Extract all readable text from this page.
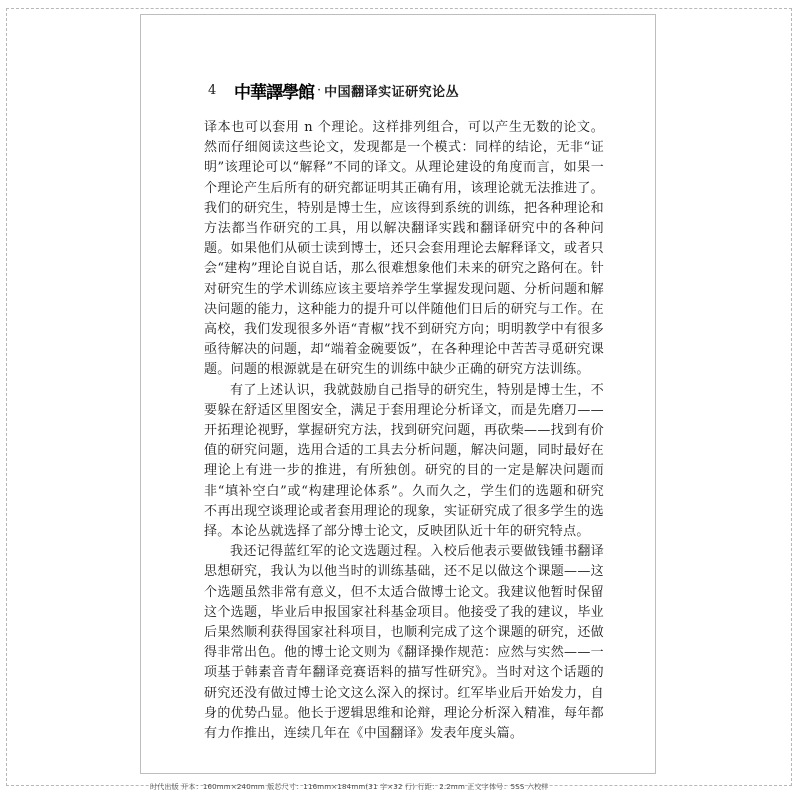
4	中華譯學館 · 中国翻译实证研究论丛

译本也可以套用 n 个理论。这样排列组合，可以产生无数的论文。然而仔细阅读这些论文，发现都是一个模式：同样的结论，无非“证明”该理论可以“解释”不同的译文。从理论建设的角度而言，如果一个理论产生后所有的研究都证明其正确有用，该理论就无法推进了。我们的研究生，特别是博士生，应该得到系统的训练，把各种理论和方法都当作研究的工具，用以解决翻译实践和翻译研究中的各种问题。如果他们从硕士读到博士，还只会套用理论去解释译文，或者只会“建构”理论自说自话，那么很难想象他们未来的研究之路何在。针对研究生的学术训练应该主要培养学生掌握发现问题、分析问题和解决问题的能力，这种能力的提升可以伴随他们日后的研究与工作。在高校，我们发现很多外语“青椒”找不到研究方向；明明教学中有很多亟待解决的问题，却“端着金碗要饭”，在各种理论中苦苦寻觅研究课题。问题的根源就是在研究生的训练中缺少正确的研究方法训练。

有了上述认识，我就鼓励自己指导的研究生，特别是博士生，不要躲在舒适区里图安全，满足于套用理论分析译文，而是先磨刀——开拓理论视野，掌握研究方法，找到研究问题，再砍柴——找到有价值的研究问题，选用合适的工具去分析问题，解决问题，同时最好在理论上有进一步的推进，有所独创。研究的目的一定是解决问题而非“填补空白”或“构建理论体系”。久而久之，学生们的选题和研究不再出现空谈理论或者套用理论的现象，实证研究成了很多学生的选择。本论丛就选择了部分博士论文，反映团队近十年的研究特点。

我还记得蓝红军的论文选题过程。入校后他表示要做钱锺书翻译思想研究，我认为以他当时的训练基础，还不足以做这个课题——这个选题虽然非常有意义，但不太适合做博士论文。我建议他暂时保留这个选题，毕业后申报国家社科基金项目。他接受了我的建议，毕业后果然顺利获得国家社科项目，也顺利完成了这个课题的研究，还做得非常出色。他的博士论文则为《翻译操作规范：应然与实然——一项基于韩素音青年翻译竞赛语料的描写性研究》。当时对这个话题的研究还没有做过博士论文这么深入的探讨。红军毕业后开始发力，自身的优势凸显。他长于逻辑思维和论辩，理论分析深入精准，每年都有力作推出，连续几年在《中国翻译》发表年度头篇。

时代出版 开本：160mm×240mm 版芯尺寸：116mm×184mm(31 字×32 行) 行距：2.2mm 正文字体号：5SS 六校样
